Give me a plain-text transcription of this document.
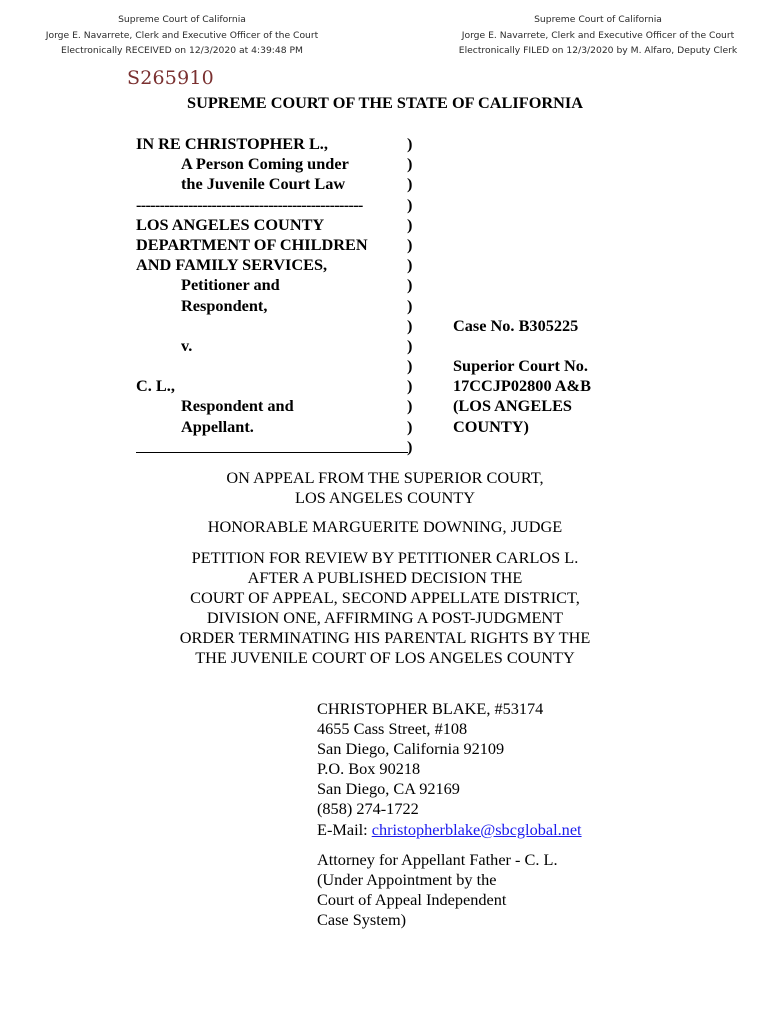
Supreme Court of California
Jorge E. Navarrete, Clerk and Executive Officer of the Court
Electronically RECEIVED on 12/3/2020 at 4:39:48 PM
Supreme Court of California
Jorge E. Navarrete, Clerk and Executive Officer of the Court
Electronically FILED on 12/3/2020 by M. Alfaro, Deputy Clerk
S265910
SUPREME COURT OF THE STATE OF CALIFORNIA
IN RE CHRISTOPHER L.,	)
A Person Coming under	)
the Juvenile Court Law	)
------------------------------------------------	)
LOS ANGELES COUNTY	)
DEPARTMENT OF CHILDREN )
AND FAMILY SERVICES,	)
Petitioner and	)
Respondent,	)
) Case No. B305225
v.	)
) Superior Court No.
C. L.,	) 17CCJP02800 A&B
Respondent and	) (LOS ANGELES
Appellant.	) COUNTY)
)
ON APPEAL FROM THE SUPERIOR COURT,
LOS ANGELES COUNTY
HONORABLE MARGUERITE DOWNING, JUDGE
PETITION FOR REVIEW BY PETITIONER CARLOS L.
AFTER A PUBLISHED DECISION THE
COURT OF APPEAL, SECOND APPELLATE DISTRICT,
DIVISION ONE, AFFIRMING A POST-JUDGMENT
ORDER TERMINATING HIS PARENTAL RIGHTS BY THE
THE JUVENILE COURT OF LOS ANGELES COUNTY
CHRISTOPHER BLAKE, #53174
4655 Cass Street, #108
San Diego, California 92109
P.O. Box 90218
San Diego, CA 92169
(858) 274-1722
E-Mail: christopherblake@sbcglobal.net
Attorney for Appellant Father - C. L.
(Under Appointment by the
Court of Appeal Independent
Case System)
